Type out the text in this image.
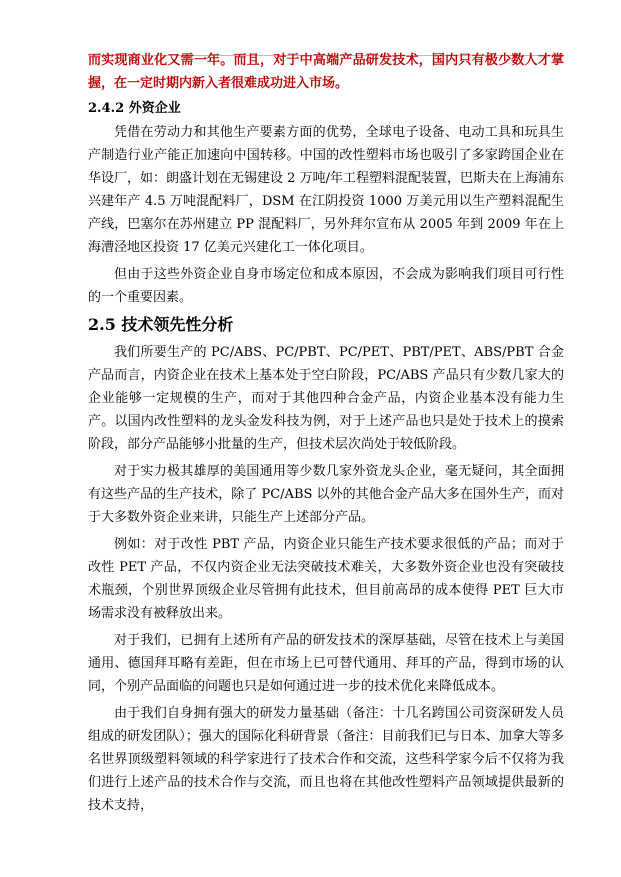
而实现商业化又需一年。而且，对于中高端产品研发技术，国内只有极少数人才掌握，在一定时期内新入者很难成功进入市场。

2.4.2 外资企业

凭借在劳动力和其他生产要素方面的优势，全球电子设备、电动工具和玩具生产制造行业产能正加速向中国转移。中国的改性塑料市场也吸引了多家跨国企业在华设厂，如：朗盛计划在无锡建设 2 万吨/年工程塑料混配装置，巴斯夫在上海浦东兴建年产 4.5 万吨混配料厂，DSM 在江阴投资 1000 万美元用以生产塑料混配生产线，巴塞尔在苏州建立 PP 混配料厂，另外拜尔宣布从 2005 年到 2009 年在上海漕泾地区投资 17 亿美元兴建化工一体化项目。

但由于这些外资企业自身市场定位和成本原因，不会成为影响我们项目可行性的一个重要因素。

2.5 技术领先性分析

我们所要生产的 PC/ABS、PC/PBT、PC/PET、PBT/PET、ABS/PBT 合金产品而言，内资企业在技术上基本处于空白阶段，PC/ABS 产品只有少数几家大的企业能够一定规模的生产，而对于其他四种合金产品，内资企业基本没有能力生产。以国内改性塑料的龙头金发科技为例，对于上述产品也只是处于技术上的摸索阶段，部分产品能够小批量的生产，但技术层次尚处于较低阶段。

对于实力极其雄厚的美国通用等少数几家外资龙头企业，毫无疑问，其全面拥有这些产品的生产技术，除了 PC/ABS 以外的其他合金产品大多在国外生产，而对于大多数外资企业来讲，只能生产上述部分产品。

例如：对于改性 PBT 产品，内资企业只能生产技术要求很低的产品；而对于改性 PET 产品，不仅内资企业无法突破技术难关，大多数外资企业也没有突破技术瓶颈，个别世界顶级企业尽管拥有此技术，但目前高昂的成本使得 PET 巨大市场需求没有被释放出来。

对于我们，已拥有上述所有产品的研发技术的深厚基础，尽管在技术上与美国通用、德国拜耳略有差距，但在市场上已可替代通用、拜耳的产品，得到市场的认同，个别产品面临的问题也只是如何通过进一步的技术优化来降低成本。

由于我们自身拥有强大的研发力量基础（备注：十几名跨国公司资深研发人员组成的研发团队）；强大的国际化科研背景（备注：目前我们已与日本、加拿大等多名世界顶级塑料领域的科学家进行了技术合作和交流，这些科学家今后不仅将为我们进行上述产品的技术合作与交流，而且也将在其他改性塑料产品领域提供最新的技术支持，
